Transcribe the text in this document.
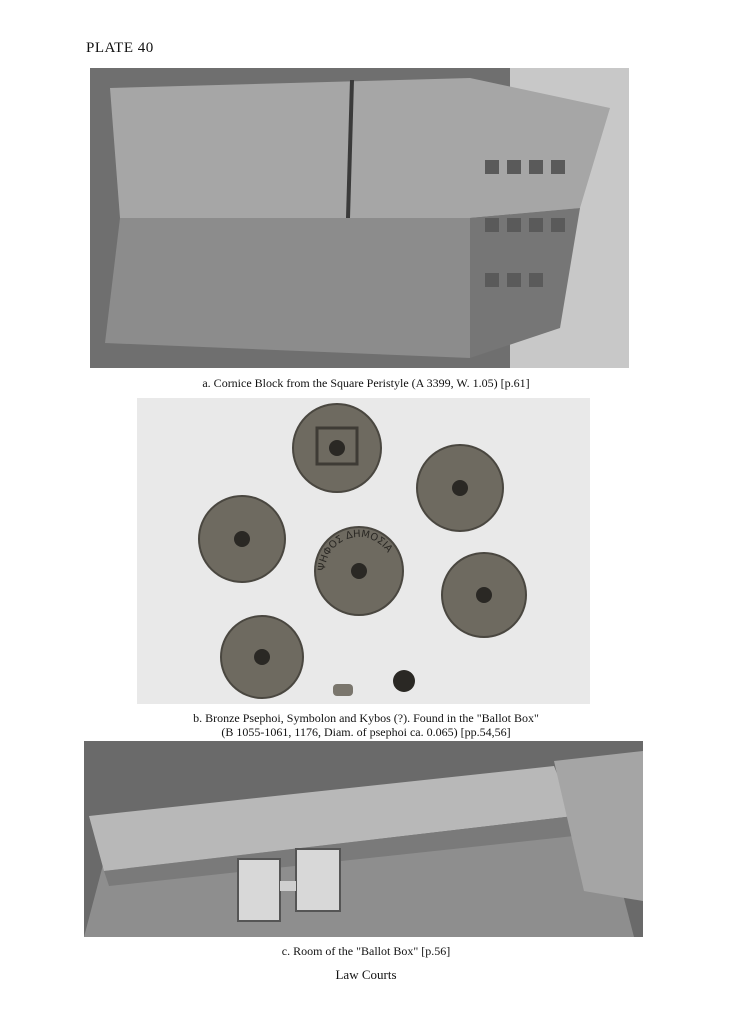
PLATE 40
a. Cornice Block from the Square Peristyle (A 3399, W. 1.05) [p.61]
ΨΗΦΟΣ ΔΗΜΟΣΙΑ
b. Bronze Psephoi, Symbolon and Kybos (?). Found in the "Ballot Box"
(B 1055-1061, 1176, Diam. of psephoi ca. 0.065) [pp.54,56]
c. Room of the "Ballot Box" [p.56]
Law Courts
